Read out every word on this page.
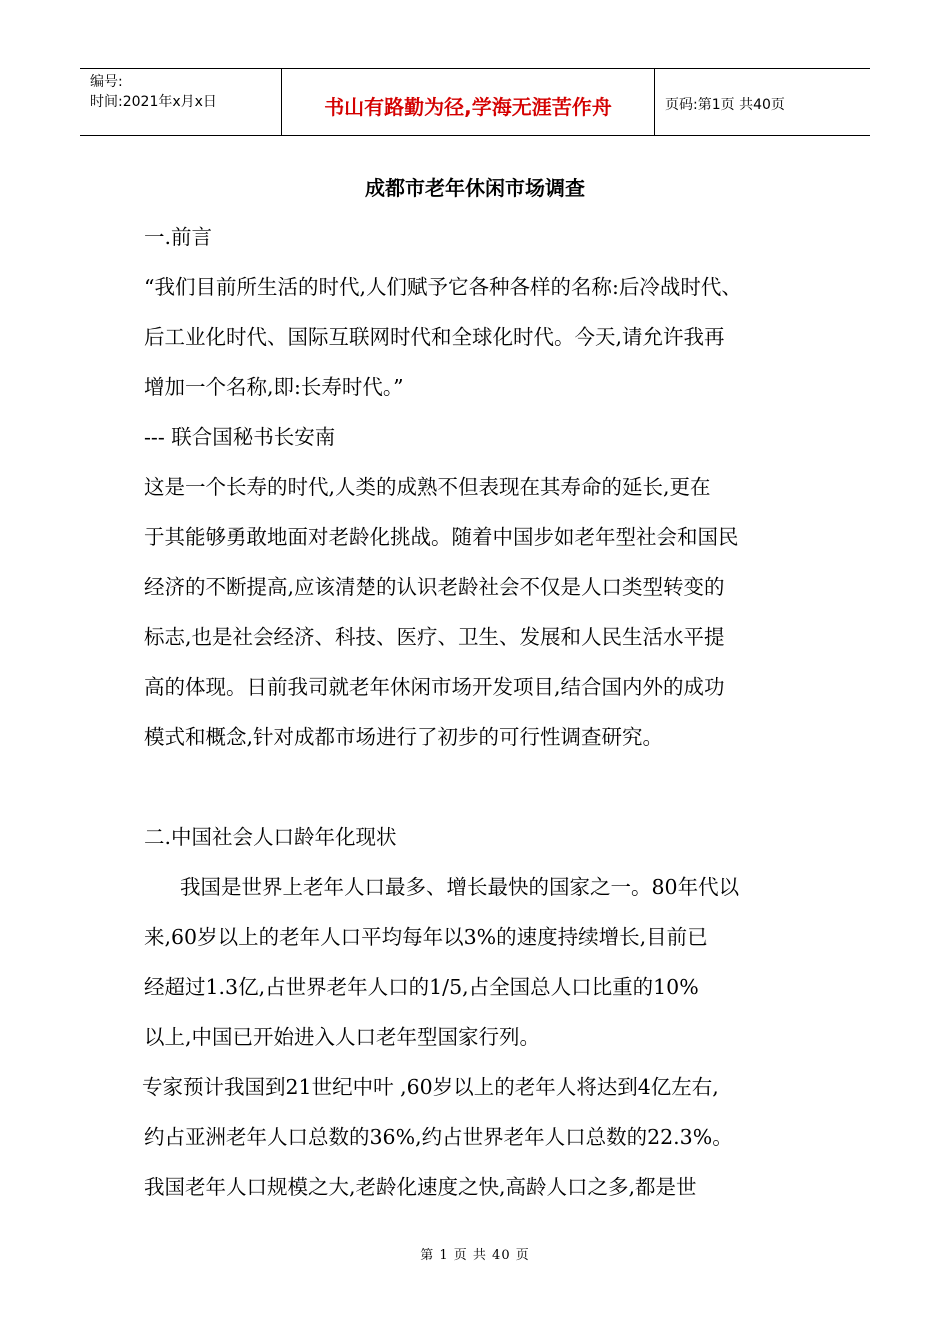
编号:
时间:2021年x月x日	书山有路勤为径,学海无涯苦作舟	页码:第1页 共40页
成都市老年休闲市场调查

一.前言

“我们目前所生活的时代,人们赋予它各种各样的名称:后冷战时代、

后工业化时代、国际互联网时代和全球化时代。今天,请允许我再

增加一个名称,即:长寿时代。”

--- 联合国秘书长安南

这是一个长寿的时代,人类的成熟不但表现在其寿命的延长,更在

于其能够勇敢地面对老龄化挑战。随着中国步如老年型社会和国民

经济的不断提高,应该清楚的认识老龄社会不仅是人口类型转变的

标志,也是社会经济、科技、医疗、卫生、发展和人民生活水平提

高的体现。日前我司就老年休闲市场开发项目,结合国内外的成功

模式和概念,针对成都市场进行了初步的可行性调查研究。

二.中国社会人口龄年化现状

我国是世界上老年人口最多、增长最快的国家之一。80年代以

来,60岁以上的老年人口平均每年以3%的速度持续增长,目前已

经超过1.3亿,占世界老年人口的1/5,占全国总人口比重的10%

以上,中国已开始进入人口老年型国家行列。

专家预计我国到21世纪中叶 ,60岁以上的老年人将达到4亿左右,

约占亚洲老年人口总数的36%,约占世界老年人口总数的22.3%。

我国老年人口规模之大,老龄化速度之快,高龄人口之多,都是世

第 1 页 共 40 页
